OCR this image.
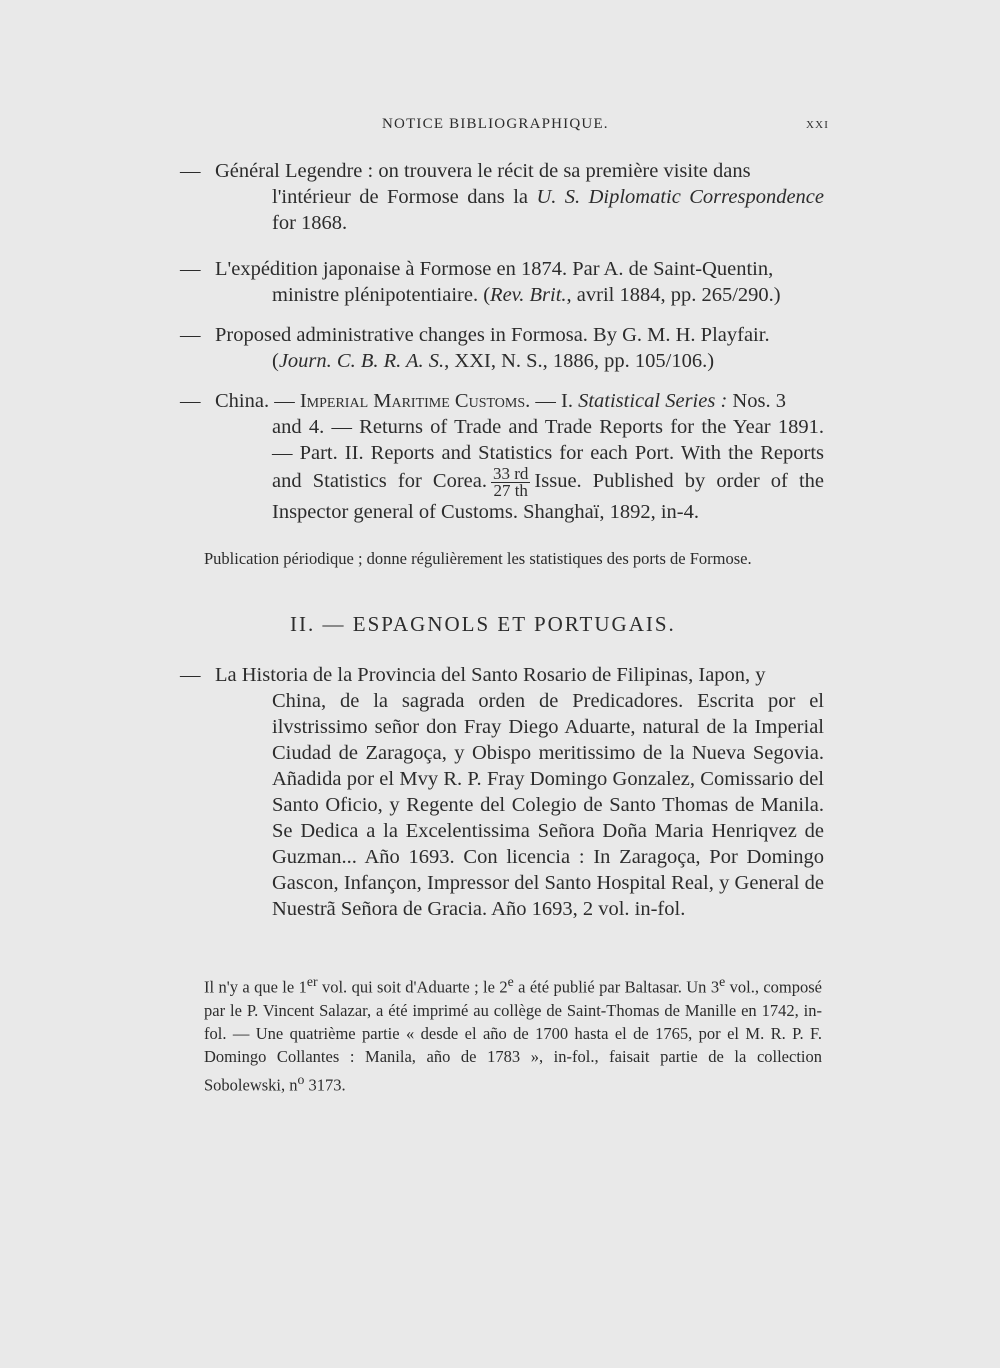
NOTICE BIBLIOGRAPHIQUE.	xxi
— Général Legendre : on trouvera le récit de sa première visite dans
l'intérieur de Formose dans la U. S. Diplomatic Correspondence for 1868.
— L'expédition japonaise à Formose en 1874. Par A. de Saint-Quentin,
ministre plénipotentiaire. (Rev. Brit., avril 1884, pp. 265/290.)
— Proposed administrative changes in Formosa. By G. M. H. Playfair.
(Journ. C. B. R. A. S., XXI, N. S., 1886, pp. 105/106.)
— China. — Imperial Maritime Customs. — I. Statistical Series : Nos. 3
and 4. — Returns of Trade and Trade Reports for the Year 1891. — Part. II. Reports and Statistics for each Port. With the Reports and Statistics for Corea. $\frac{33 rd}{27 th}$ Issue. Published by order of the Inspector general of Customs. Shanghaï, 1892, in-4.
Publication périodique ; donne régulièrement les statistiques des ports de Formose.
II. — ESPAGNOLS ET PORTUGAIS.
— La Historia de la Provincia del Santo Rosario de Filipinas, Iapon, y
China, de la sagrada orden de Predicadores. Escrita por el ilvstrissimo señor don Fray Diego Aduarte, natural de la Imperial Ciudad de Zaragoça, y Obispo meritissimo de la Nueva Segovia. Añadida por el Mvy R. P. Fray Domingo Gonzalez, Comissario del Santo Oficio, y Regente del Colegio de Santo Thomas de Manila. Se Dedica a la Excelentissima Señora Doña Maria Henriqvez de Guzman... Año 1693. Con licencia : In Zaragoça, Por Domingo Gascon, Infançon, Impressor del Santo Hospital Real, y General de Nuestrã Señora de Gracia. Año 1693, 2 vol. in-fol.
Il n'y a que le 1er vol. qui soit d'Aduarte ; le 2e a été publié par Baltasar. Un 3e vol., composé par le P. Vincent Salazar, a été imprimé au collège de Saint-Thomas de Manille en 1742, in-fol. — Une quatrième partie « desde el año de 1700 hasta el de 1765, por el M. R. P. F. Domingo Collantes : Manila, año de 1783 », in-fol., faisait partie de la collection Sobolewski, $n^o$ 3173.
